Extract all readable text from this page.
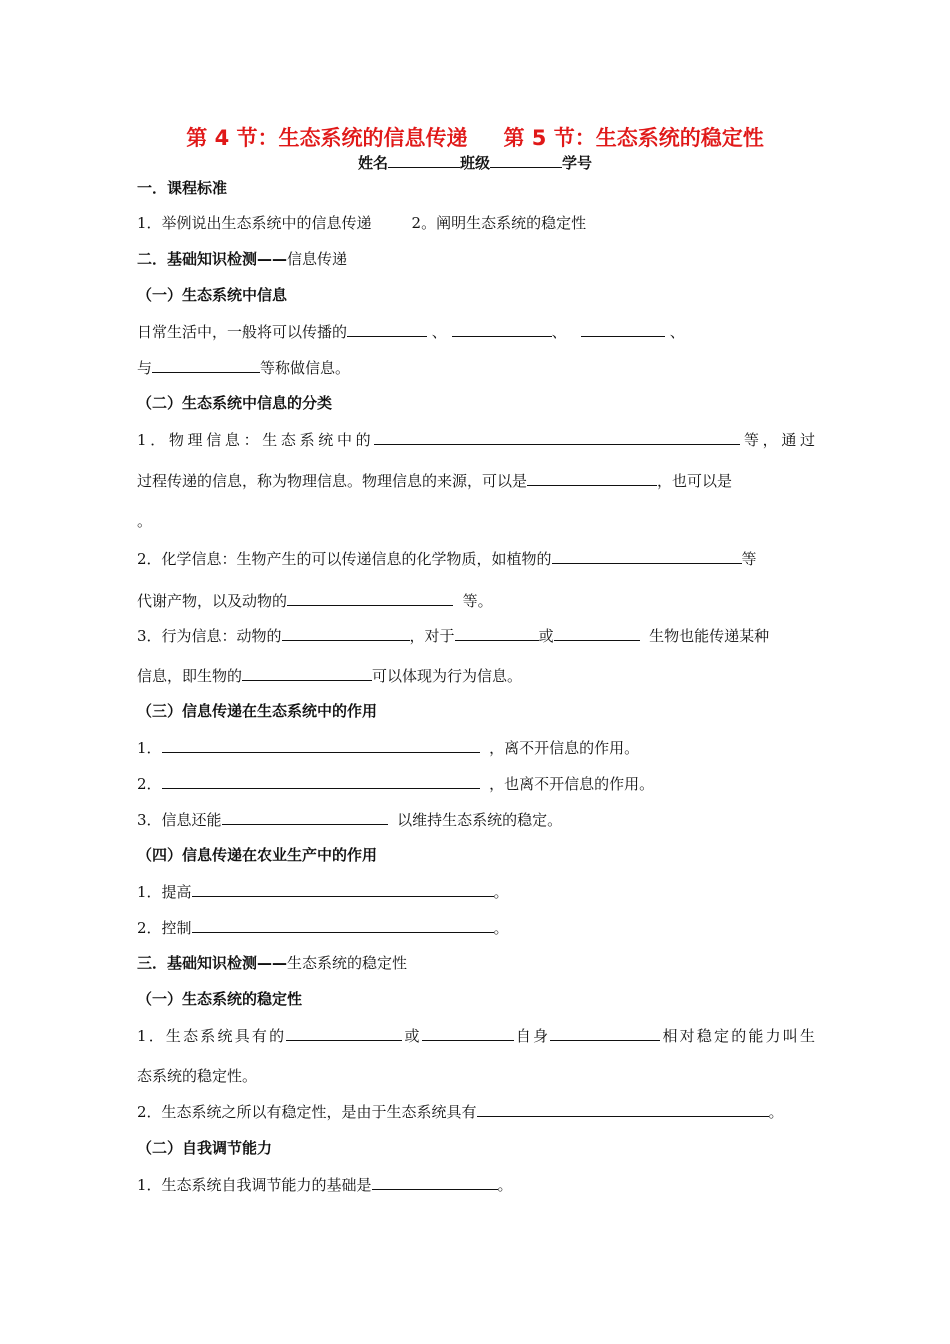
第 4 节：生态系统的信息传递 第 5 节：生态系统的稳定性
姓名	班级	学号
一．课程标准
1．举例说出生态系统中的信息传递	2。阐明生态系统的稳定性
二．基础知识检测——信息传递
（一）生态系统中信息
日常生活中，一般将可以传播的	、	、	、
与	等称做信息。
（二）生态系统中信息的分类
1．物理信息：生态系统中的	等，通过
过程传递的信息，称为物理信息。物理信息的来源，可以是	，也可以是
。
2．化学信息：生物产生的可以传递信息的化学物质，如植物的	等
代谢产物，以及动物的	等。
3．行为信息：动物的	，对于	或	生物也能传递某种
信息，即生物的	可以体现为行为信息。
（三）信息传递在生态系统中的作用
1．	，离不开信息的作用。
2．	，也离不开信息的作用。
3．信息还能	以维持生态系统的稳定。
（四）信息传递在农业生产中的作用
1．提高	。
2．控制	。
三．基础知识检测——生态系统的稳定性
（一）生态系统的稳定性
1．生态系统具有的	或	自身	相对稳定的能力叫生
态系统的稳定性。
2．生态系统之所以有稳定性，是由于生态系统具有	。
（二）自我调节能力
1．生态系统自我调节能力的基础是	。
